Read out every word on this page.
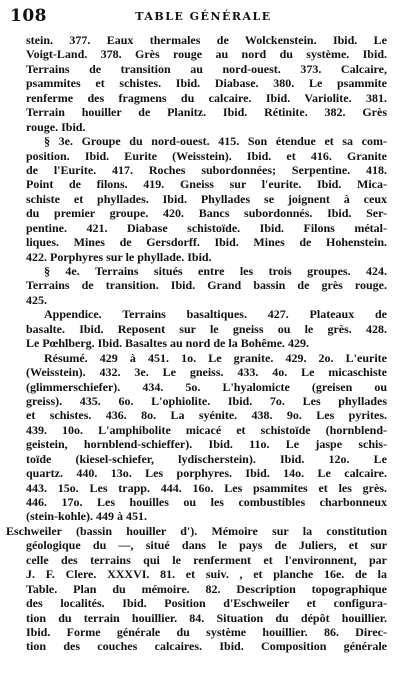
108	TABLE GÉNÉRALE
stein. 377. Eaux thermales de Wolckenstein. Ibid. Le
Voigt-Land. 378. Grès rouge au nord du système. Ibid.
Terrains de transition au nord-ouest. 373. Calcaire,
psammites et schistes. Ibid. Diabase. 380. Le psammite
renferme des fragmens du calcaire. Ibid. Variolite. 381.
Terrain houiller de Planitz. Ibid. Rétinite. 382. Grès
rouge. Ibid.
§ 3e. Groupe du nord-ouest. 415. Son étendue et sa com-
position. Ibid. Eurite (Weisstein). Ibid. et 416. Granite
de l'Eurite. 417. Roches subordonnées; Serpentine. 418.
Point de filons. 419. Gneiss sur l'eurite. Ibid. Mica-
schiste et phyllades. Ibid. Phyllades se joignent à ceux
du premier groupe. 420. Bancs subordonnés. Ibid. Ser-
pentine. 421. Diabase schistoïde. Ibid. Filons métal-
liques. Mines de Gersdorff. Ibid. Mines de Hohenstein.
422. Porphyres sur le phyllade. Ibid.
§ 4e. Terrains situés entre les trois groupes. 424.
Terrains de transition. Ibid. Grand bassin de grès rouge.
425.
Appendice. Terrains basaltiques. 427. Plateaux de
basalte. Ibid. Reposent sur le gneiss ou le grès. 428.
Le Pœhlberg. Ibid. Basaltes au nord de la Bohême. 429.
Résumé. 429 à 451. 1o. Le granite. 429. 2o. L'eurite
(Weisstein). 432. 3e. Le gneiss. 433. 4o. Le micaschiste
(glimmerschiefer). 434. 5o. L'hyalomicte (greisen ou
greiss). 435. 6o. L'ophiolite. Ibid. 7o. Les phyllades
et schistes. 436. 8o. La syénite. 438. 9o. Les pyrites.
439. 10o. L'amphibolite micacé et schistoïde (hornblend-
geistein, hornblend-schieffer). Ibid. 11o. Le jaspe schis-
toïde (kiesel-schiefer, lydischerstein). Ibid. 12o. Le
quartz. 440. 13o. Les porphyres. Ibid. 14o. Le calcaire.
443. 15o. Les trapp. 444. 16o. Les psammites et les grès.
446. 17o. Les houilles ou les combustibles charbonneux
(stein-kohle). 449 à 451.
Eschweiler (bassin houiller d'). Mémoire sur la constitution
géologique du —, situé dans le pays de Juliers, et sur
celle des terrains qui le renferment et l'environnent, par
J. F. Clere. XXXVI. 81. et suiv. , et planche 16e. de la
Table. Plan du mémoire. 82. Description topographique
des localités. Ibid. Position d'Eschweiler et configura-
tion du terrain houillier. 84. Situation du dépôt houillier.
Ibid. Forme générale du système houillier. 86. Direc-
tion des couches calcaires. Ibid. Composition générale
